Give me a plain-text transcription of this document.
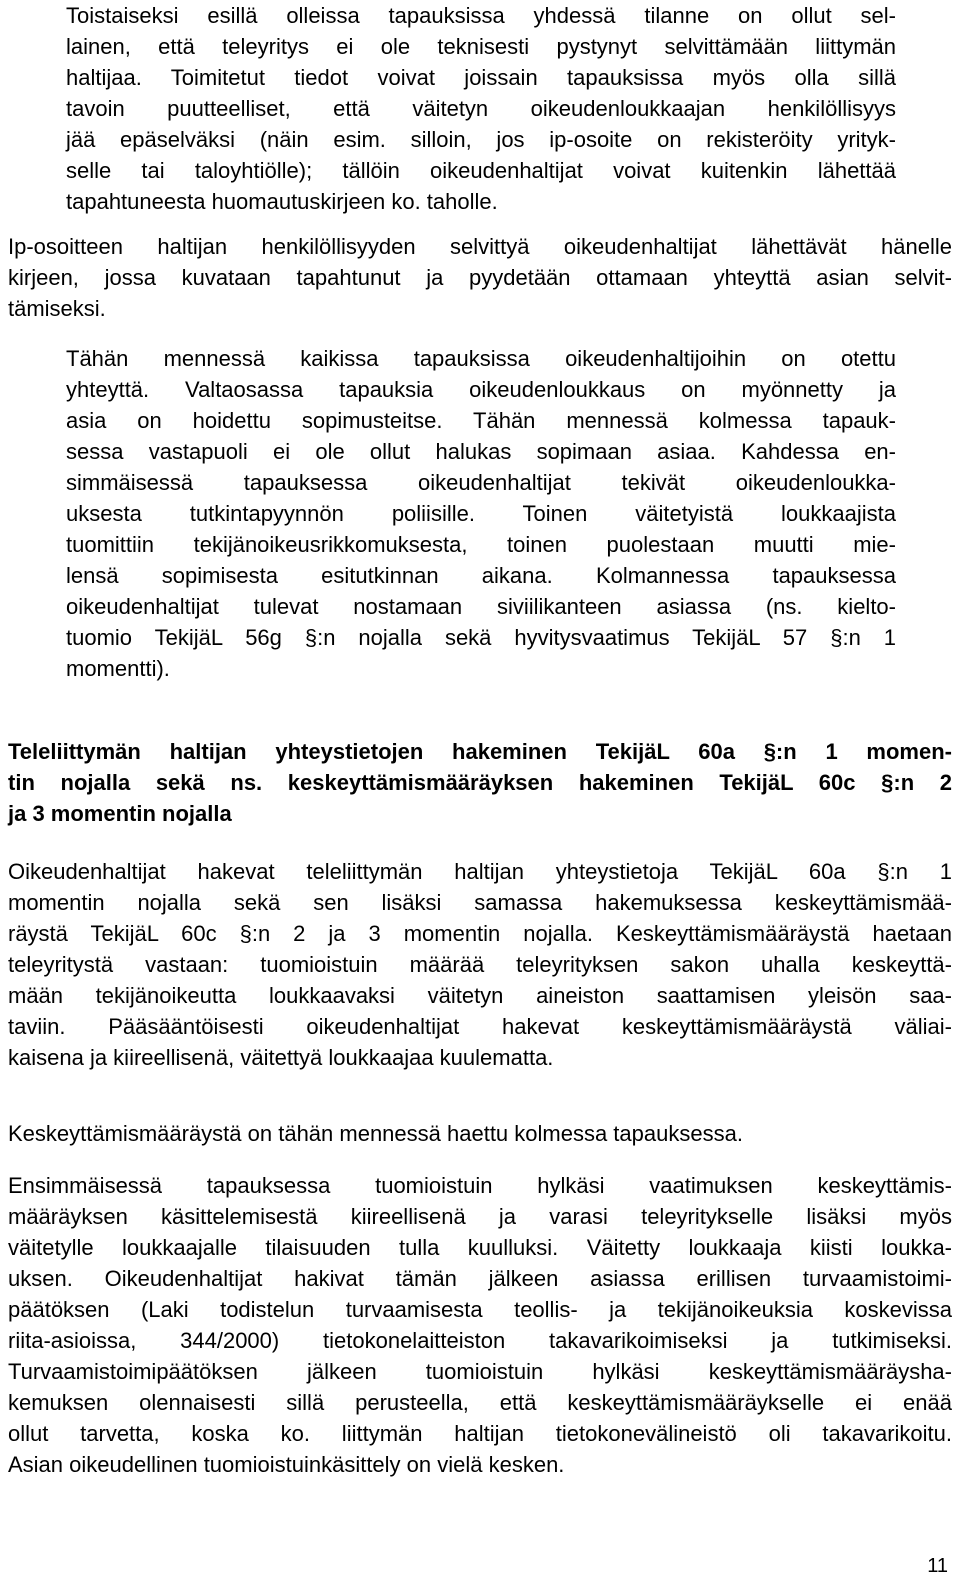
Toistaiseksi esillä olleissa tapauksissa yhdessä tilanne on ollut sel-
lainen, että teleyritys ei ole teknisesti pystynyt selvittämään liittymän
haltijaa. Toimitetut tiedot voivat joissain tapauksissa myös olla sillä
tavoin puutteelliset, että väitetyn oikeudenloukkaajan henkilöllisyys
jää epäselväksi (näin esim. silloin, jos ip-osoite on rekisteröity yrityk-
selle tai taloyhtiölle); tällöin oikeudenhaltijat voivat kuitenkin lähettää
tapahtuneesta huomautuskirjeen ko. taholle.
Ip-osoitteen haltijan henkilöllisyyden selvittyä oikeudenhaltijat lähettävät hänelle
kirjeen, jossa kuvataan tapahtunut ja pyydetään ottamaan yhteyttä asian selvit-
tämiseksi.
Tähän mennessä kaikissa tapauksissa oikeudenhaltijoihin on otettu
yhteyttä. Valtaosassa tapauksia oikeudenloukkaus on myönnetty ja
asia on hoidettu sopimusteitse. Tähän mennessä kolmessa tapauk-
sessa vastapuoli ei ole ollut halukas sopimaan asiaa. Kahdessa en-
simmäisessä tapauksessa oikeudenhaltijat tekivät oikeudenloukka-
uksesta tutkintapyynnön poliisille. Toinen väitetyistä loukkaajista
tuomittiin tekijänoikeusrikkomuksesta, toinen puolestaan muutti mie-
lensä sopimisesta esitutkinnan aikana. Kolmannessa tapauksessa
oikeudenhaltijat tulevat nostamaan siviilikanteen asiassa (ns. kielto-
tuomio TekijäL 56g §:n nojalla sekä hyvitysvaatimus TekijäL 57 §:n 1
momentti).
Teleliittymän haltijan yhteystietojen hakeminen TekijäL 60a §:n 1 momen-
tin nojalla sekä ns. keskeyttämismääräyksen hakeminen TekijäL 60c §:n 2
ja 3 momentin nojalla
Oikeudenhaltijat hakevat teleliittymän haltijan yhteystietoja TekijäL 60a §:n 1
momentin nojalla sekä sen lisäksi samassa hakemuksessa keskeyttämismää-
räystä TekijäL 60c §:n 2 ja 3 momentin nojalla. Keskeyttämismääräystä haetaan
teleyritystä vastaan: tuomioistuin määrää teleyrityksen sakon uhalla keskeyttä-
mään tekijänoikeutta loukkaavaksi väitetyn aineiston saattamisen yleisön saa-
taviin. Pääsääntöisesti oikeudenhaltijat hakevat keskeyttämismääräystä väliai-
kaisena ja kiireellisenä, väitettyä loukkaajaa kuulematta.
Keskeyttämismääräystä on tähän mennessä haettu kolmessa tapauksessa.
Ensimmäisessä tapauksessa tuomioistuin hylkäsi vaatimuksen keskeyttämis-
määräyksen käsittelemisestä kiireellisenä ja varasi teleyritykselle lisäksi myös
väitetylle loukkaajalle tilaisuuden tulla kuulluksi. Väitetty loukkaaja kiisti loukka-
uksen. Oikeudenhaltijat hakivat tämän jälkeen asiassa erillisen turvaamistoimi-
päätöksen (Laki todistelun turvaamisesta teollis- ja tekijänoikeuksia koskevissa
riita-asioissa, 344/2000) tietokonelaitteiston takavarikoimiseksi ja tutkimiseksi.
Turvaamistoimipäätöksen jälkeen tuomioistuin hylkäsi keskeyttämismääräysha-
kemuksen olennaisesti sillä perusteella, että keskeyttämismääräykselle ei enää
ollut tarvetta, koska ko. liittymän haltijan tietokonevälineistö oli takavarikoitu.
Asian oikeudellinen tuomioistuinkäsittely on vielä kesken.
11
